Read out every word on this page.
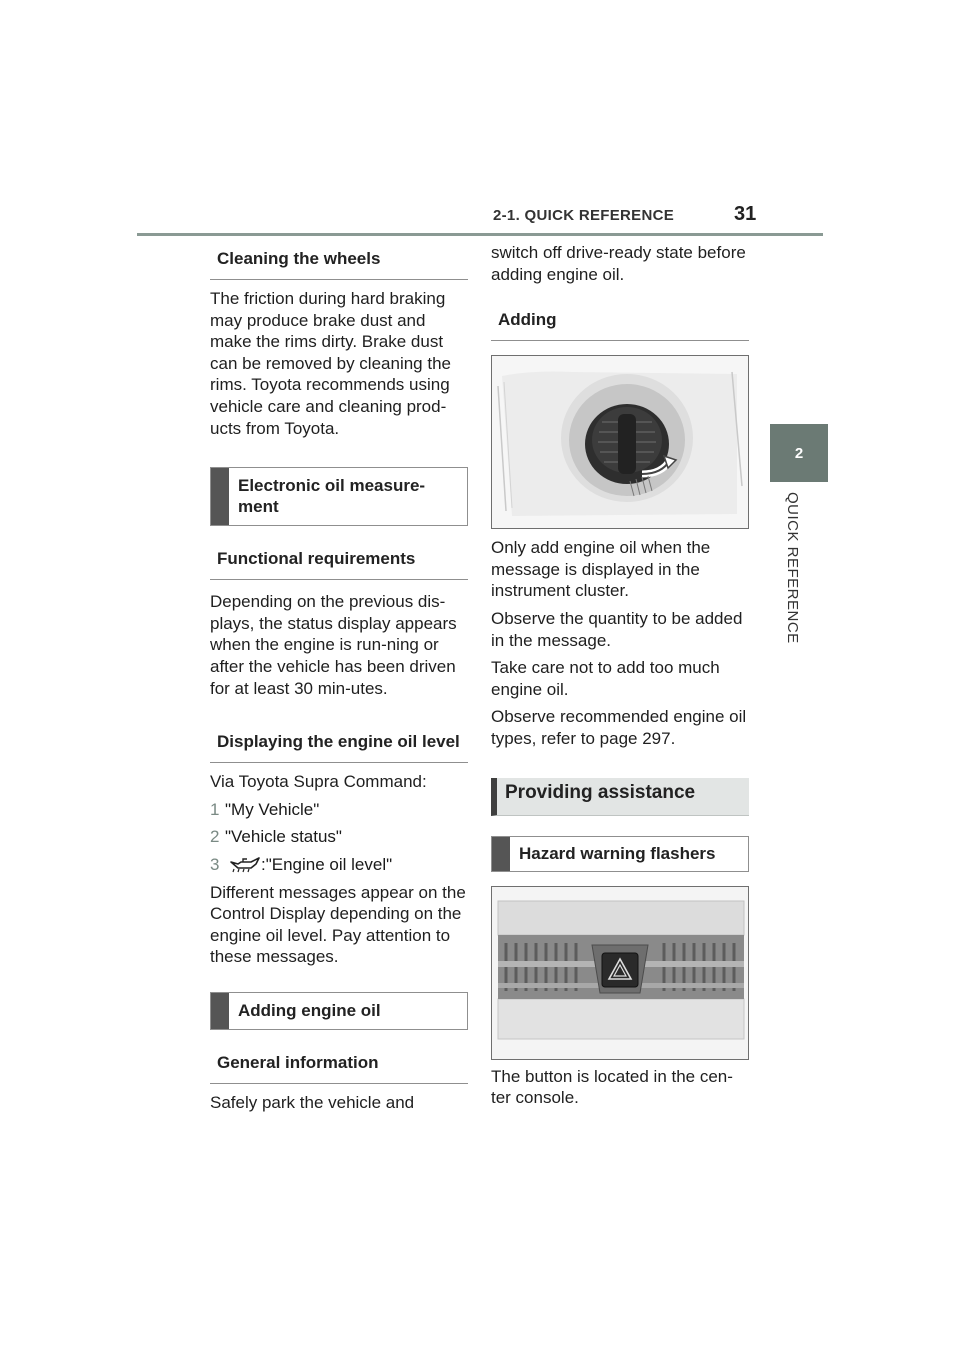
2-1. QUICK REFERENCE	31
2
QUICK REFERENCE
Cleaning the wheels

The friction during hard braking may produce brake dust and make the rims dirty. Brake dust can be removed by cleaning the rims. Toyota recommends using vehicle care and cleaning prod-ucts from Toyota.

Electronic oil measure-ment
Functional requirements

Depending on the previous dis-plays, the status display appears when the engine is run-ning or after the vehicle has been driven for at least 30 min-utes.

Displaying the engine oil level

Via Toyota Supra Command:

1 "My Vehicle"
2 "Vehicle status"
3	:"Engine oil level"

Different messages appear on the Control Display depending on the engine oil level. Pay attention to these messages.

Adding engine oil
General information

Safely park the vehicle and

switch off drive-ready state before adding engine oil.

Adding

Only add engine oil when the message is displayed in the instrument cluster.

Observe the quantity to be added in the message.

Take care not to add too much engine oil.

Observe recommended engine oil types, refer to page 297.

Providing assistance
Hazard warning flashers

The button is located in the cen-ter console.
